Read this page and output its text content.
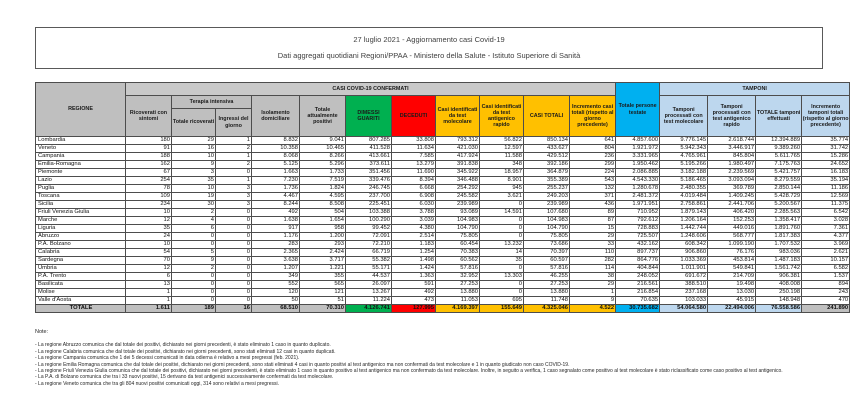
27 luglio 2021 - Aggiornamento casi Covid-19
Dati aggregati quotidiani Regioni/PPAA - Ministero della Salute - Istituto Superiore di Sanità
REGIONE	CASI COVID-19 CONFERMATI											Totale persone testate	TAMPONI			
	Ricoverati con sintomi	Terapia intensiva		Isolamento domiciliare	Totale attualmente positivi	DIMESSI GUARITI	DECEDUTI	Casi identificati da test molecolare	Casi identificati da test antigenico rapido	CASI TOTALI	Incremento casi totali (rispetto al giorno precedente)		Tamponi processati con test molecolare	Tamponi processati con test antigenico rapido	TOTALE tamponi effettuati	Incremento tamponi totali (rispetto al giorno precedente)
		Totale ricoverati	Ingressi del giorno													
Lombardia	180	29	1	8.832	9.041	807.285	33.808	793.312	56.822	850.134	641	4.857.600	9.776.145	2.618.744	12.394.889	35.774
Veneto	91	16	2	10.358	10.465	411.528	11.634	421.030	12.597	433.627	804	1.921.972	5.942.343	3.446.917	9.389.260	31.742
Campania	188	10	1	8.068	8.266	413.661	7.585	417.924	11.588	429.512	236	3.331.965	4.765.961	845.804	5.611.765	15.286
Emilia-Romagna	162	9	2	5.125	5.296	373.611	13.279	391.838	348	392.186	299	1.950.462	5.195.266	1.980.497	7.175.763	24.652
Piemonte	67	3	0	1.663	1.733	351.456	11.690	345.922	18.957	364.879	224	2.086.885	3.182.188	2.239.569	5.421.757	16.183
Lazio	254	35	1	7.230	7.519	339.476	8.394	346.488	8.901	355.389	543	4.543.330	5.186.465	3.093.094	8.279.559	35.194
Puglia	78	10	3	1.736	1.824	246.745	6.668	254.292	945	255.237	132	1.280.678	2.480.355	369.789	2.850.144	11.186
Toscana	109	19	3	4.467	4.595	237.700	6.908	245.582	3.621	249.203	371	2.481.372	4.019.484	1.409.245	5.428.729	12.569
Sicilia	234	30	3	8.244	8.508	225.451	6.030	239.989	0	239.989	436	1.971.951	2.758.861	2.441.706	5.200.567	11.375
Friuli Venezia Giulia	10	2	0	492	504	103.388	3.788	93.089	14.591	107.680	89	710.952	1.879.143	406.420	2.285.563	6.542
Marche	12	4	0	1.638	1.654	100.290	3.039	104.983	0	104.983	87	792.612	1.206.164	152.253	1.358.417	3.028
Liguria	35	6	0	917	958	99.452	4.380	104.790	0	104.790	15	728.883	1.442.744	449.016	1.891.760	7.361
Abruzzo	24	0	0	1.176	1.200	72.091	2.514	75.805	0	75.805	29	725.507	1.248.606	568.777	1.817.383	4.377
P.A. Bolzano	10	0	0	283	293	72.210	1.183	60.454	13.232	73.686	33	432.162	608.342	1.099.190	1.707.532	3.969
Calabria	54	5	0	2.365	2.424	66.719	1.254	70.383	14	70.397	110	897.737	906.860	76.176	983.036	2.621
Sardegna	70	9	0	3.638	3.717	55.382	1.498	60.562	35	60.597	282	864.776	1.033.369	453.814	1.487.183	10.157
Umbria	12	2	0	1.207	1.221	55.171	1.424	57.816	0	57.816	114	404.844	1.011.901	549.841	1.561.742	6.582
P.A. Trento	6	0	0	349	355	44.537	1.363	32.952	13.303	46.255	38	248.052	691.672	214.709	906.381	1.537
Basilicata	13	0	0	552	565	26.097	591	27.253	0	27.253	29	216.561	388.510	19.498	408.008	894
Molise	1	0	0	120	121	13.267	492	13.880	0	13.880	1	216.854	237.168	13.030	250.198	243
Valle d'Aosta	1	0	0	50	51	11.224	473	11.053	695	11.748	9	70.635	103.033	45.915	148.948	470
TOTALE	1.611	189	16	68.510	70.310	4.126.741	127.995	4.169.397	155.649	4.325.046	4.522	30.735.682	54.064.580	22.494.006	76.558.586	241.890
Note:
- La regione Abruzzo comunica che dal totale dei positivi, dichiarato nei giorni precedenti, è stato eliminato 1 caso in quanto duplicato.
- La regione Calabria comunica che dal totale dei positivi, dichiarato nei giorni precedenti, sono stati eliminati 12 casi in quanto duplicati.
- La regione Campania comunica che 1 dei 5 decessi comunicati in data odierna è relativo a mesi pregressi (feb. 2021).
- La regione Emilia Romagna comunica che dal totale dei positivi, dichiarato nei giorni precedenti, sono stati eliminati 4 casi in quanto positivi al test antigenico ma non confermati da test molecolare e 1 in quanto giudicato non caso COVID-19.
- La regione Friuli Venezia Giulia comunica che dal totale dei positivi, dichiarato nei giorni precedenti, è stato eliminato 1 caso in quanto positivo al test antigenico ma non confermato da test molecolare. Inoltre, in seguito a verifica, 1 caso segnalato come positivo al test molecolare è stato riclassificato come caso positivo al test antigenico.
- La P.A. di Bolzano comunica che tra i 33 nuovi positivi, 15 derivano da test antigenici successivamente confermati da test molecolare.
- La regione Veneto comunica che tra gli 804 nuovi positivi comunicati oggi, 314 sono relativi a mesi pregressi.
